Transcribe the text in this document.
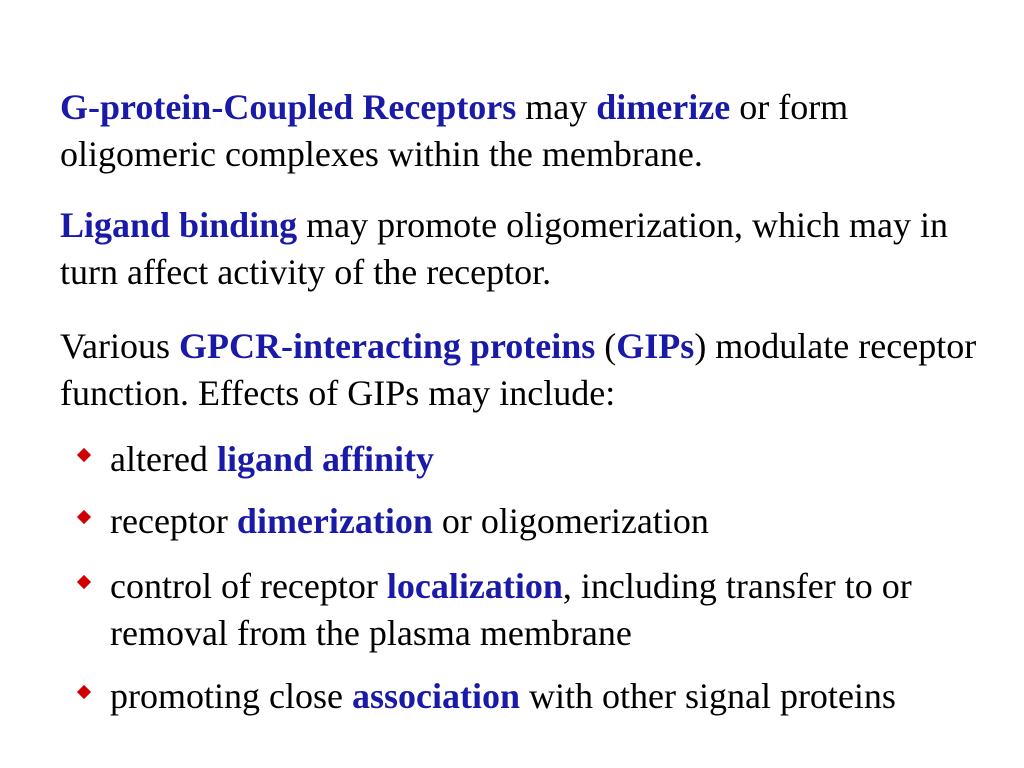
G-protein-Coupled Receptors may dimerize or form oligomeric complexes within the membrane.

Ligand binding may promote oligomerization, which may in turn affect activity of the receptor.

Various GPCR-interacting proteins (GIPs) modulate receptor function. Effects of GIPs may include:

altered ligand affinity
receptor dimerization or oligomerization
control of receptor localization, including transfer to or removal from the plasma membrane
promoting close association with other signal proteins
